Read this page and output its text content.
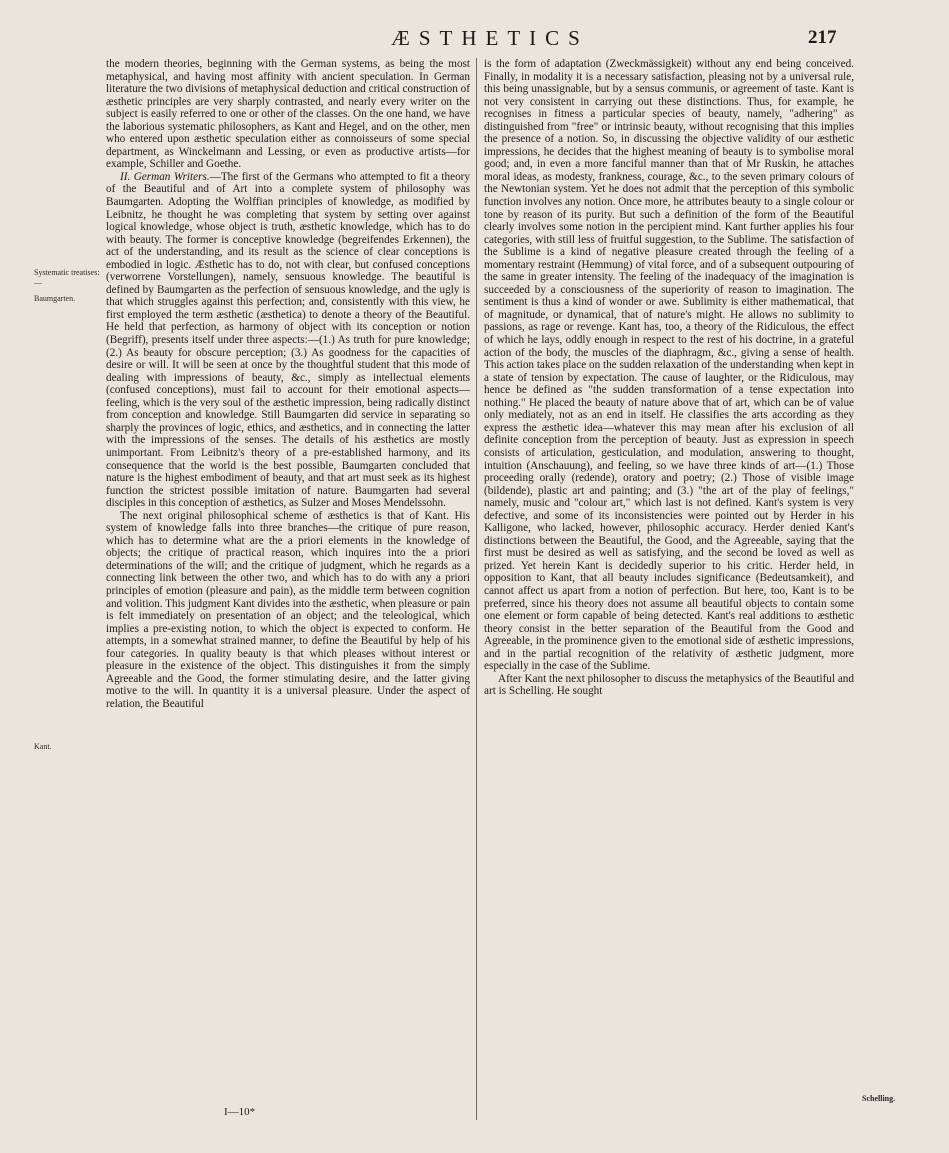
ÆSTHETICS	217
Systematic treatises:—
Baumgarten.
Kant.
Schelling.

the modern theories, beginning with the German systems, as being the most metaphysical, and having most affinity with ancient speculation. In German literature the two divisions of metaphysical deduction and critical construction of æsthetic principles are very sharply contrasted, and nearly every writer on the subject is easily referred to one or other of the classes. On the one hand, we have the laborious systematic philosophers, as Kant and Hegel, and on the other, men who entered upon æsthetic speculation either as connoisseurs of some special department, as Winckelmann and Lessing, or even as productive artists—for example, Schiller and Goethe.

II. German Writers.—The first of the Germans who attempted to fit a theory of the Beautiful and of Art into a complete system of philosophy was Baumgarten. Adopting the Wolffian principles of knowledge, as modified by Leibnitz, he thought he was completing that system by setting over against logical knowledge, whose object is truth, æsthetic knowledge, which has to do with beauty. The former is conceptive knowledge (begreifendes Erkennen), the act of the understanding, and its result as the science of clear conceptions is embodied in logic. Æsthetic has to do, not with clear, but confused conceptions (verworrene Vorstellungen), namely, sensuous knowledge. The beautiful is defined by Baumgarten as the perfection of sensuous knowledge, and the ugly is that which struggles against this perfection; and, consistently with this view, he first employed the term æsthetic (æsthetica) to denote a theory of the Beautiful. He held that perfection, as harmony of object with its conception or notion (Begriff), presents itself under three aspects:—(1.) As truth for pure knowledge; (2.) As beauty for obscure perception; (3.) As goodness for the capacities of desire or will. It will be seen at once by the thoughtful student that this mode of dealing with impressions of beauty, &c., simply as intellectual elements (confused conceptions), must fail to account for their emotional aspects—feeling, which is the very soul of the æsthetic impression, being radically distinct from conception and knowledge. Still Baumgarten did service in separating so sharply the provinces of logic, ethics, and æsthetics, and in connecting the latter with the impressions of the senses. The details of his æsthetics are mostly unimportant. From Leibnitz's theory of a pre-established harmony, and its consequence that the world is the best possible, Baumgarten concluded that nature is the highest embodiment of beauty, and that art must seek as its highest function the strictest possible imitation of nature. Baumgarten had several disciples in this conception of æsthetics, as Sulzer and Moses Mendelssohn.

The next original philosophical scheme of æsthetics is that of Kant. His system of knowledge falls into three branches—the critique of pure reason, which has to determine what are the a priori elements in the knowledge of objects; the critique of practical reason, which inquires into the a priori determinations of the will; and the critique of judgment, which he regards as a connecting link between the other two, and which has to do with any a priori principles of emotion (pleasure and pain), as the middle term between cognition and volition. This judgment Kant divides into the æsthetic, when pleasure or pain is felt immediately on presentation of an object; and the teleological, which implies a pre-existing notion, to which the object is expected to conform. He attempts, in a somewhat strained manner, to define the Beautiful by help of his four categories. In quality beauty is that which pleases without interest or pleasure in the existence of the object. This distinguishes it from the simply Agreeable and the Good, the former stimulating desire, and the latter giving motive to the will. In quantity it is a universal pleasure. Under the aspect of relation, the Beautiful

is the form of adaptation (Zweckmässigkeit) without any end being conceived. Finally, in modality it is a necessary satisfaction, pleasing not by a universal rule, this being unassignable, but by a sensus communis, or agreement of taste. Kant is not very consistent in carrying out these distinctions. Thus, for example, he recognises in fitness a particular species of beauty, namely, "adhering" as distinguished from "free" or intrinsic beauty, without recognising that this implies the presence of a notion. So, in discussing the objective validity of our æsthetic impressions, he decides that the highest meaning of beauty is to symbolise moral good; and, in even a more fanciful manner than that of Mr Ruskin, he attaches moral ideas, as modesty, frankness, courage, &c., to the seven primary colours of the Newtonian system. Yet he does not admit that the perception of this symbolic function involves any notion. Once more, he attributes beauty to a single colour or tone by reason of its purity. But such a definition of the form of the Beautiful clearly involves some notion in the percipient mind. Kant further applies his four categories, with still less of fruitful suggestion, to the Sublime. The satisfaction of the Sublime is a kind of negative pleasure created through the feeling of a momentary restraint (Hemmung) of vital force, and of a subsequent outpouring of the same in greater intensity. The feeling of the inadequacy of the imagination is succeeded by a consciousness of the superiority of reason to imagination. The sentiment is thus a kind of wonder or awe. Sublimity is either mathematical, that of magnitude, or dynamical, that of nature's might. He allows no sublimity to passions, as rage or revenge. Kant has, too, a theory of the Ridiculous, the effect of which he lays, oddly enough in respect to the rest of his doctrine, in a grateful action of the body, the muscles of the diaphragm, &c., giving a sense of health. This action takes place on the sudden relaxation of the understanding when kept in a state of tension by expectation. The cause of laughter, or the Ridiculous, may hence be defined as "the sudden transformation of a tense expectation into nothing." He placed the beauty of nature above that of art, which can be of value only mediately, not as an end in itself. He classifies the arts according as they express the æsthetic idea—whatever this may mean after his exclusion of all definite conception from the perception of beauty. Just as expression in speech consists of articulation, gesticulation, and modulation, answering to thought, intuition (Anschauung), and feeling, so we have three kinds of art—(1.) Those proceeding orally (redende), oratory and poetry; (2.) Those of visible image (bildende), plastic art and painting; and (3.) "the art of the play of feelings," namely, music and "colour art," which last is not defined. Kant's system is very defective, and some of its inconsistencies were pointed out by Herder in his Kalligone, who lacked, however, philosophic accuracy. Herder denied Kant's distinctions between the Beautiful, the Good, and the Agreeable, saying that the first must be desired as well as satisfying, and the second be loved as well as prized. Yet herein Kant is decidedly superior to his critic. Herder held, in opposition to Kant, that all beauty includes significance (Bedeutsamkeit), and cannot affect us apart from a notion of perfection. But here, too, Kant is to be preferred, since his theory does not assume all beautiful objects to contain some one element or form capable of being detected. Kant's real additions to æsthetic theory consist in the better separation of the Beautiful from the Good and Agreeable, in the prominence given to the emotional side of æsthetic impressions, and in the partial recognition of the relativity of æsthetic judgment, more especially in the case of the Sublime.

After Kant the next philosopher to discuss the metaphysics of the Beautiful and art is Schelling. He sought

I—10*
